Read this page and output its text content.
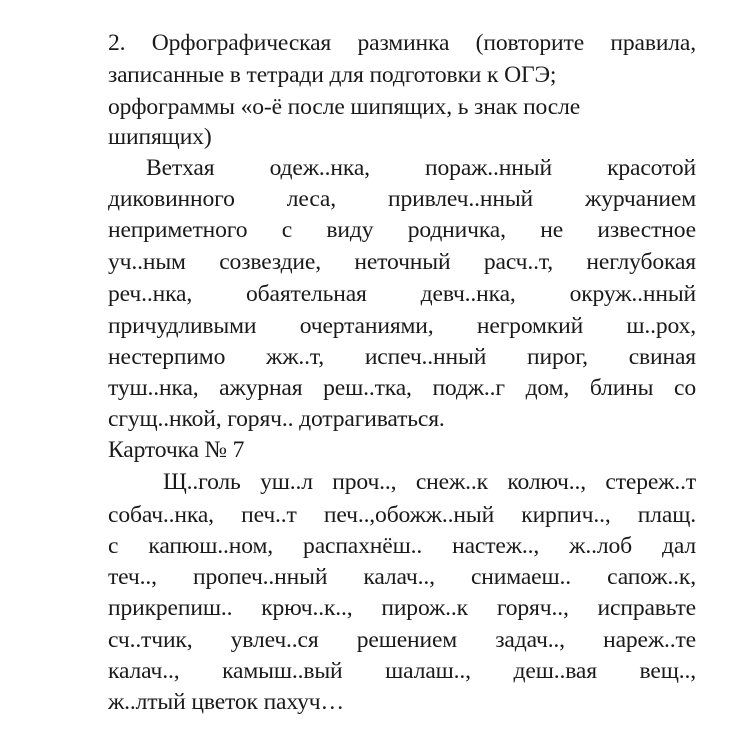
2. Орфографическая разминка (повторите правила,
записанные в тетради для подготовки к ОГЭ;
орфограммы «о-ё после шипящих, ь знак после
шипящих)
Ветхая одеж..нка, пораж..нный красотой
диковинного леса, привлеч..нный журчанием
неприметного с виду родничка, не известное
уч..ным созвездие, неточный расч..т, неглубокая
реч..нка, обаятельная девч..нка, окруж..нный
причудливыми очертаниями, негромкий ш..рох,
нестерпимо жж..т, испеч..нный пирог, свиная
туш..нка, ажурная реш..тка, подж..г дом, блины со
сгущ..нкой, горяч.. дотрагиваться.
Карточка № 7
Щ..голь уш..л проч.., снеж..к колюч.., стереж..т
собач..нка, печ..т печ..,обожж..ный кирпич.., плащ.
с капюш..ном, распахнёш.. настеж.., ж..лоб дал
теч.., пропеч..нный калач.., снимаеш.. сапож..к,
прикрепиш.. крюч..к.., пирож..к горяч.., исправьте
сч..тчик, увлеч..ся решением задач.., нареж..те
калач.., камыш..вый шалаш.., деш..вая вещ..,
ж..лтый цветок пахуч…
